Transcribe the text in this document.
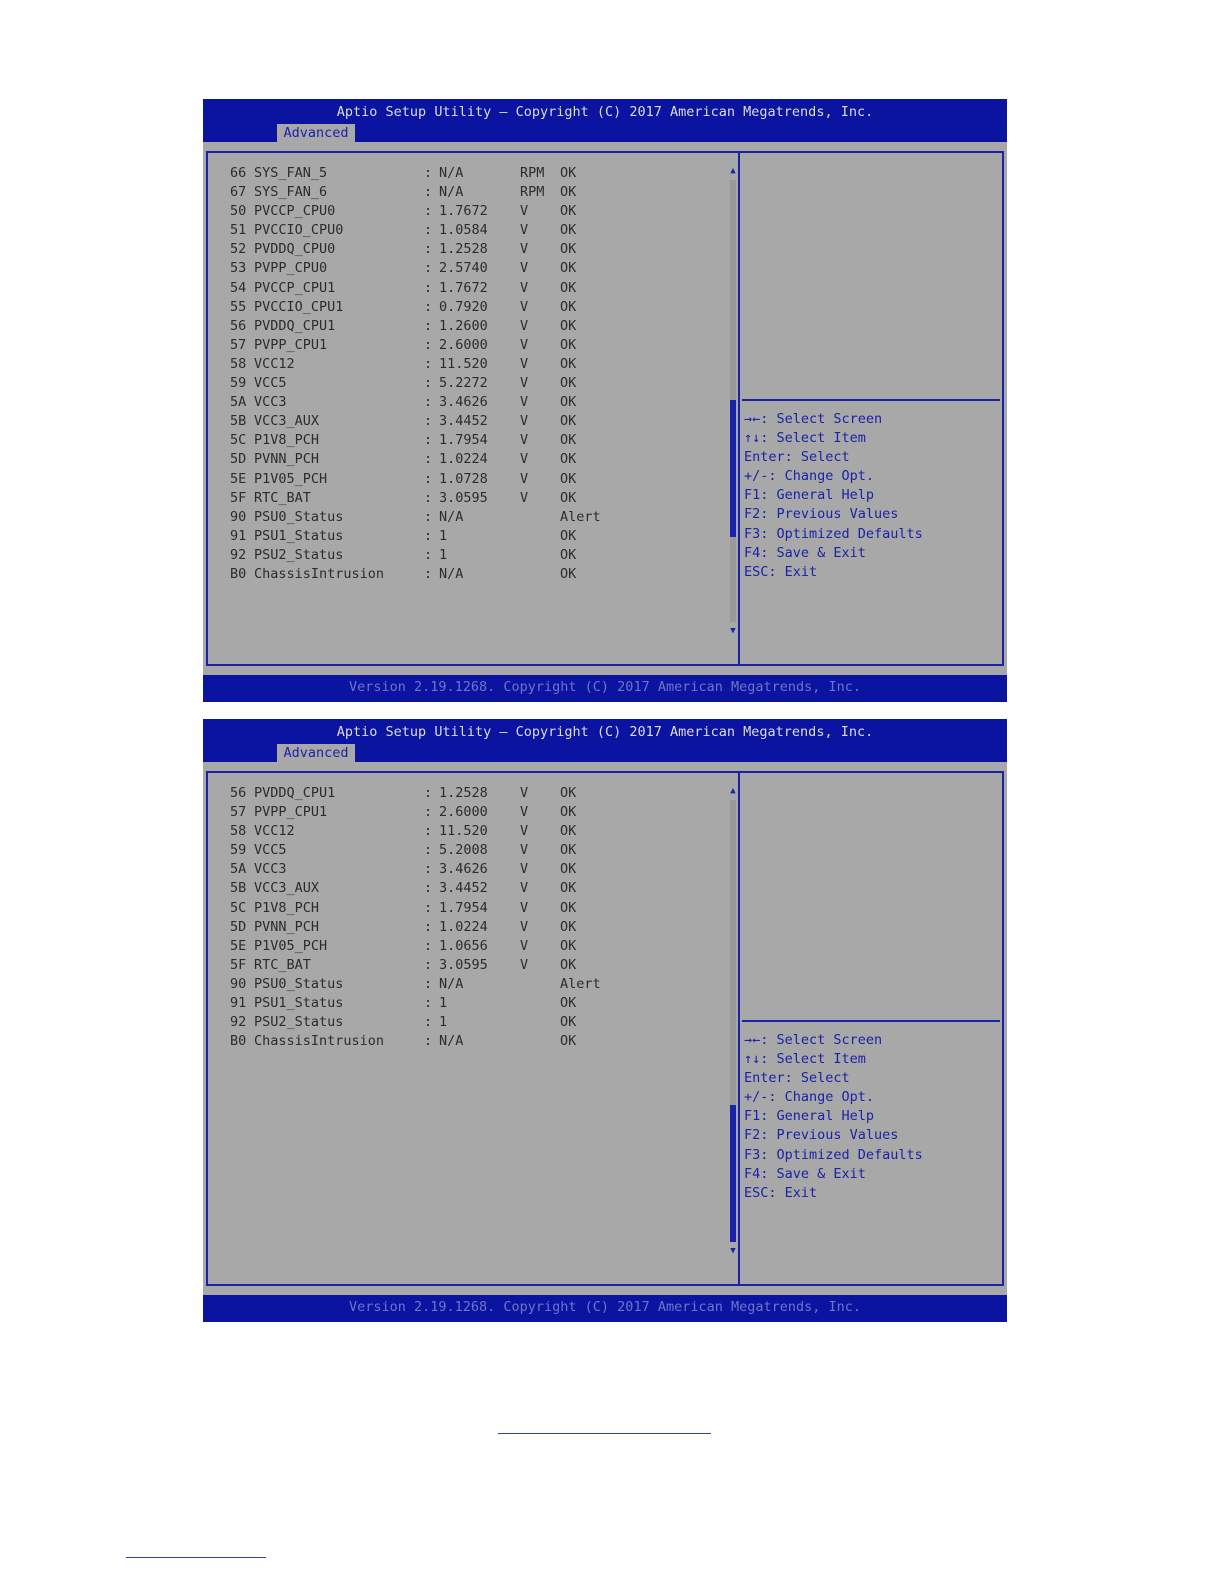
Aptio Setup Utility – Copyright (C) 2017 American Megatrends, Inc.
Advanced
66 SYS_FAN_5	: N/A	RPM OK
67 SYS_FAN_6	: N/A	RPM OK
50 PVCCP_CPU0	: 1.7672 V OK
51 PVCCIO_CPU0	: 1.0584 V OK
52 PVDDQ_CPU0	: 1.2528 V OK
53 PVPP_CPU0	: 2.5740 V OK
54 PVCCP_CPU1	: 1.7672 V OK
55 PVCCIO_CPU1	: 0.7920 V OK
56 PVDDQ_CPU1	: 1.2600 V OK
57 PVPP_CPU1	: 2.6000 V OK
58 VCC12	: 11.520 V OK
59 VCC5	: 5.2272 V OK
5A VCC3	: 3.4626 V OK
5B VCC3_AUX	: 3.4452 V OK
5C P1V8_PCH	: 1.7954 V OK
5D PVNN_PCH	: 1.0224 V OK
5E P1V05_PCH	: 1.0728 V OK
5F RTC_BAT	: 3.0595 V OK
90 PSU0_Status	: N/A	Alert
91 PSU1_Status	: 1	OK
92 PSU2_Status	: 1	OK
B0 ChassisIntrusion	: N/A	OK
▲
▼
→←: Select Screen
↑↓: Select Item
Enter: Select
+/-: Change Opt.
F1: General Help
F2: Previous Values
F3: Optimized Defaults
F4: Save & Exit
ESC: Exit
Version 2.19.1268. Copyright (C) 2017 American Megatrends, Inc.
Aptio Setup Utility – Copyright (C) 2017 American Megatrends, Inc.
Advanced
56 PVDDQ_CPU1	: 1.2528 V OK
57 PVPP_CPU1	: 2.6000 V OK
58 VCC12	: 11.520 V OK
59 VCC5	: 5.2008 V OK
5A VCC3	: 3.4626 V OK
5B VCC3_AUX	: 3.4452 V OK
5C P1V8_PCH	: 1.7954 V OK
5D PVNN_PCH	: 1.0224 V OK
5E P1V05_PCH	: 1.0656 V OK
5F RTC_BAT	: 3.0595 V OK
90 PSU0_Status	: N/A	Alert
91 PSU1_Status	: 1	OK
92 PSU2_Status	: 1	OK
B0 ChassisIntrusion	: N/A	OK
▲
▼
→←: Select Screen
↑↓: Select Item
Enter: Select
+/-: Change Opt.
F1: General Help
F2: Previous Values
F3: Optimized Defaults
F4: Save & Exit
ESC: Exit
Version 2.19.1268. Copyright (C) 2017 American Megatrends, Inc.
